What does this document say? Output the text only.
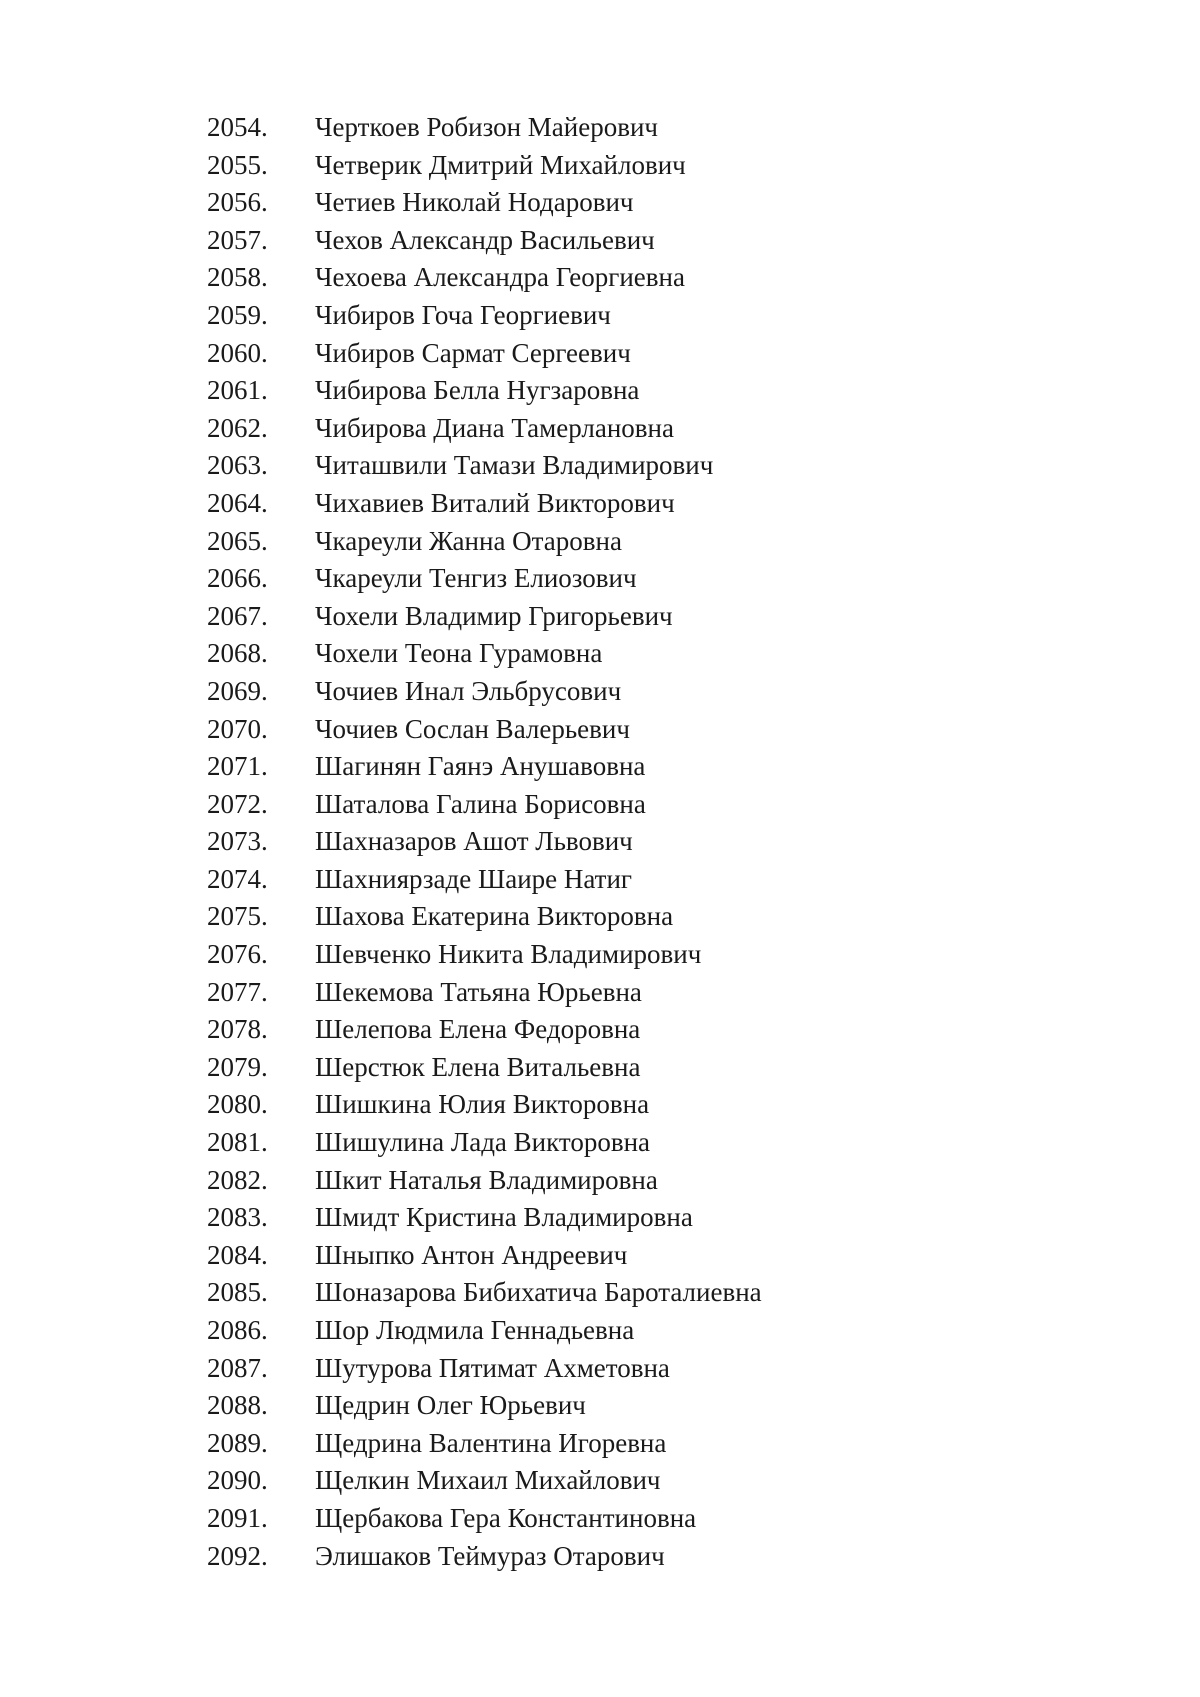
2054.	Черткоев Робизон Майерович
2055.	Четверик Дмитрий Михайлович
2056.	Четиев Николай Нодарович
2057.	Чехов Александр Васильевич
2058.	Чехоева Александра Георгиевна
2059.	Чибиров Гоча Георгиевич
2060.	Чибиров Сармат Сергеевич
2061.	Чибирова Белла Нугзаровна
2062.	Чибирова Диана Тамерлановна
2063.	Читашвили Тамази Владимирович
2064.	Чихавиев Виталий Викторович
2065.	Чкареули Жанна Отаровна
2066.	Чкареули Тенгиз Елиозович
2067.	Чохели Владимир Григорьевич
2068.	Чохели Теона Гурамовна
2069.	Чочиев Инал Эльбрусович
2070.	Чочиев Сослан Валерьевич
2071.	Шагинян Гаянэ Анушавовна
2072.	Шаталова Галина Борисовна
2073.	Шахназаров Ашот Львович
2074.	Шахниярзаде Шаире Натиг
2075.	Шахова Екатерина Викторовна
2076.	Шевченко Никита Владимирович
2077.	Шекемова Татьяна Юрьевна
2078.	Шелепова Елена Федоровна
2079.	Шерстюк Елена Витальевна
2080.	Шишкина Юлия Викторовна
2081.	Шишулина Лада Викторовна
2082.	Шкит Наталья Владимировна
2083.	Шмидт Кристина Владимировна
2084.	Шныпко Антон Андреевич
2085.	Шоназарова Бибихатича Бароталиевна
2086.	Шор Людмила Геннадьевна
2087.	Шутурова Пятимат Ахметовна
2088.	Щедрин Олег Юрьевич
2089.	Щедрина Валентина Игоревна
2090.	Щелкин Михаил Михайлович
2091.	Щербакова Гера Константиновна
2092.	Элишаков Теймураз Отарович
